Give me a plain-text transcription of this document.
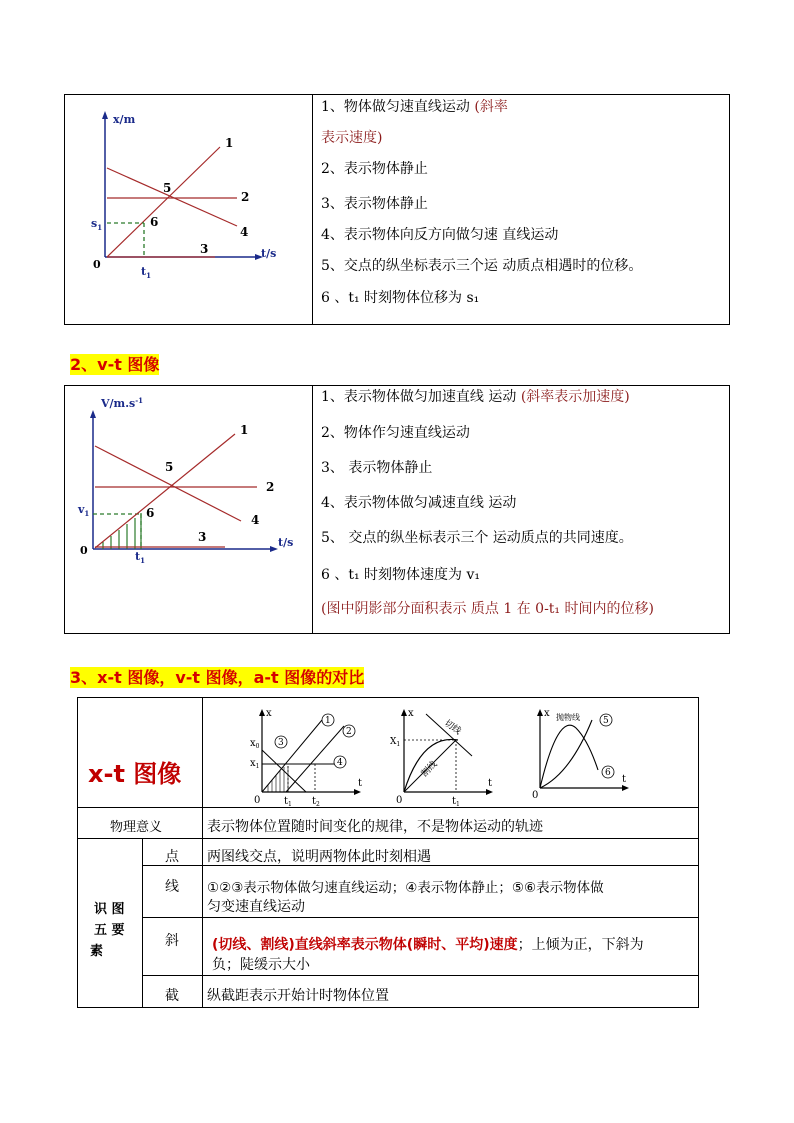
x/m
t/s
0
$s_1$
$t_1$
1
2
3
4
5
6
1、物体做匀速直线运动 (斜率
表示速度)
2、表示物体静止
3、表示物体静止
4、表示物体向反方向做匀速 直线运动
5、交点的纵坐标表示三个运 动质点相遇时的位移。
6 、t₁ 时刻物体位移为 s₁
2、v-t 图像
$V/m.s^{-1}$
t/s
0
$v_1$
$t_1$
1
2
3
4
5
6
1、表示物体做匀加速直线 运动 (斜率表示加速度)
2、物体作匀速直线运动
3、 表示物体静止
4、表示物体做匀减速直线 运动
5、 交点的纵坐标表示三个 运动质点的共同速度。
6 、t₁ 时刻物体速度为 v₁
(图中阴影部分面积表示 质点 1 在 0-t₁ 时间内的位移)
3、x-t 图像，v-t 图像，a-t 图像的对比
x-t 图像
x
t
$x_0$
$x_1$
0 $t_1$ $t_2$
1
2
3
4
x
t
$X_1$
0	$t_1$
切线
割线
x
t
0
抛物线	5
6
物理意义	表示物体位置随时间变化的规律，不是物体运动的轨迹
识 图
五 要
素
点 两图线交点，说明两物体此时刻相遇
线 ①②③表示物体做匀速直线运动；④表示物体静止；⑤⑥表示物体做
匀变速直线运动
斜 (切线、割线)直线斜率表示物体(瞬时、平均)速度；上倾为正，下斜为
负；陡缓示大小
截 纵截距表示开始计时物体位置
